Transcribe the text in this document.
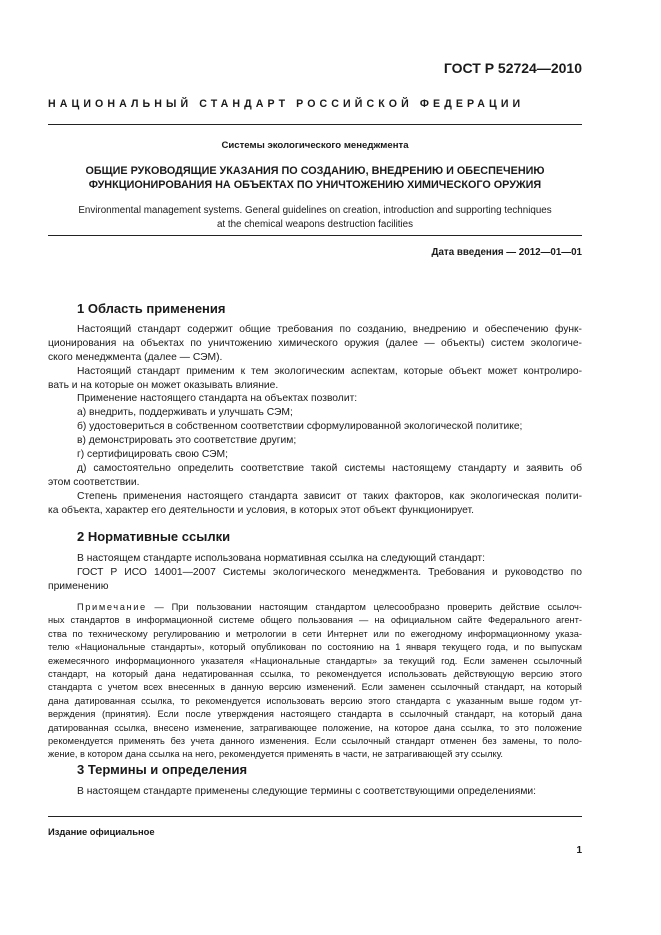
ГОСТ Р 52724—2010
НАЦИОНАЛЬНЫЙ СТАНДАРТ РОССИЙСКОЙ ФЕДЕРАЦИИ
Системы экологического менеджмента
ОБЩИЕ РУКОВОДЯЩИЕ УКАЗАНИЯ ПО СОЗДАНИЮ, ВНЕДРЕНИЮ И ОБЕСПЕЧЕНИЮ
ФУНКЦИОНИРОВАНИЯ НА ОБЪЕКТАХ ПО УНИЧТОЖЕНИЮ ХИМИЧЕСКОГО ОРУЖИЯ
Environmental management systems. General guidelines on creation, introduction and supporting techniques
at the chemical weapons destruction facilities
Дата введения — 2012—01—01
1 Область применения
Настоящий стандарт содержит общие требования по созданию, внедрению и обеспечению функ-
ционирования на объектах по уничтожению химического оружия (далее — объекты) систем экологиче-
ского менеджмента (далее — СЭМ).
Настоящий стандарт применим к тем экологическим аспектам, которые объект может контролиро-
вать и на которые он может оказывать влияние.
Применение настоящего стандарта на объектах позволит:
а) внедрить, поддерживать и улучшать СЭМ;
б) удостовериться в собственном соответствии сформулированной экологической политике;
в) демонстрировать это соответствие другим;
г) сертифицировать свою СЭМ;
д) самостоятельно определить соответствие такой системы настоящему стандарту и заявить об
этом соответствии.
Степень применения настоящего стандарта зависит от таких факторов, как экологическая полити-
ка объекта, характер его деятельности и условия, в которых этот объект функционирует.
2 Нормативные ссылки
В настоящем стандарте использована нормативная ссылка на следующий стандарт:
ГОСТ Р ИСО 14001—2007 Системы экологического менеджмента. Требования и руководство по
применению
Примечание — При пользовании настоящим стандартом целесообразно проверить действие ссылоч-
ных стандартов в информационной системе общего пользования — на официальном сайте Федерального агент-
ства по техническому регулированию и метрологии в сети Интернет или по ежегодному информационному указа-
телю «Национальные стандарты», который опубликован по состоянию на 1 января текущего года, и по выпускам
ежемесячного информационного указателя «Национальные стандарты» за текущий год. Если заменен ссылочный
стандарт, на который дана недатированная ссылка, то рекомендуется использовать действующую версию этого
стандарта с учетом всех внесенных в данную версию изменений. Если заменен ссылочный стандарт, на который
дана датированная ссылка, то рекомендуется использовать версию этого стандарта с указанным выше годом ут-
верждения (принятия). Если после утверждения настоящего стандарта в ссылочный стандарт, на который дана
датированная ссылка, внесено изменение, затрагивающее положение, на которое дана ссылка, то это положение
рекомендуется применять без учета данного изменения. Если ссылочный стандарт отменен без замены, то поло-
жение, в котором дана ссылка на него, рекомендуется применять в части, не затрагивающей эту ссылку.
3 Термины и определения
В настоящем стандарте применены следующие термины с соответствующими определениями:
Издание официальное
1
